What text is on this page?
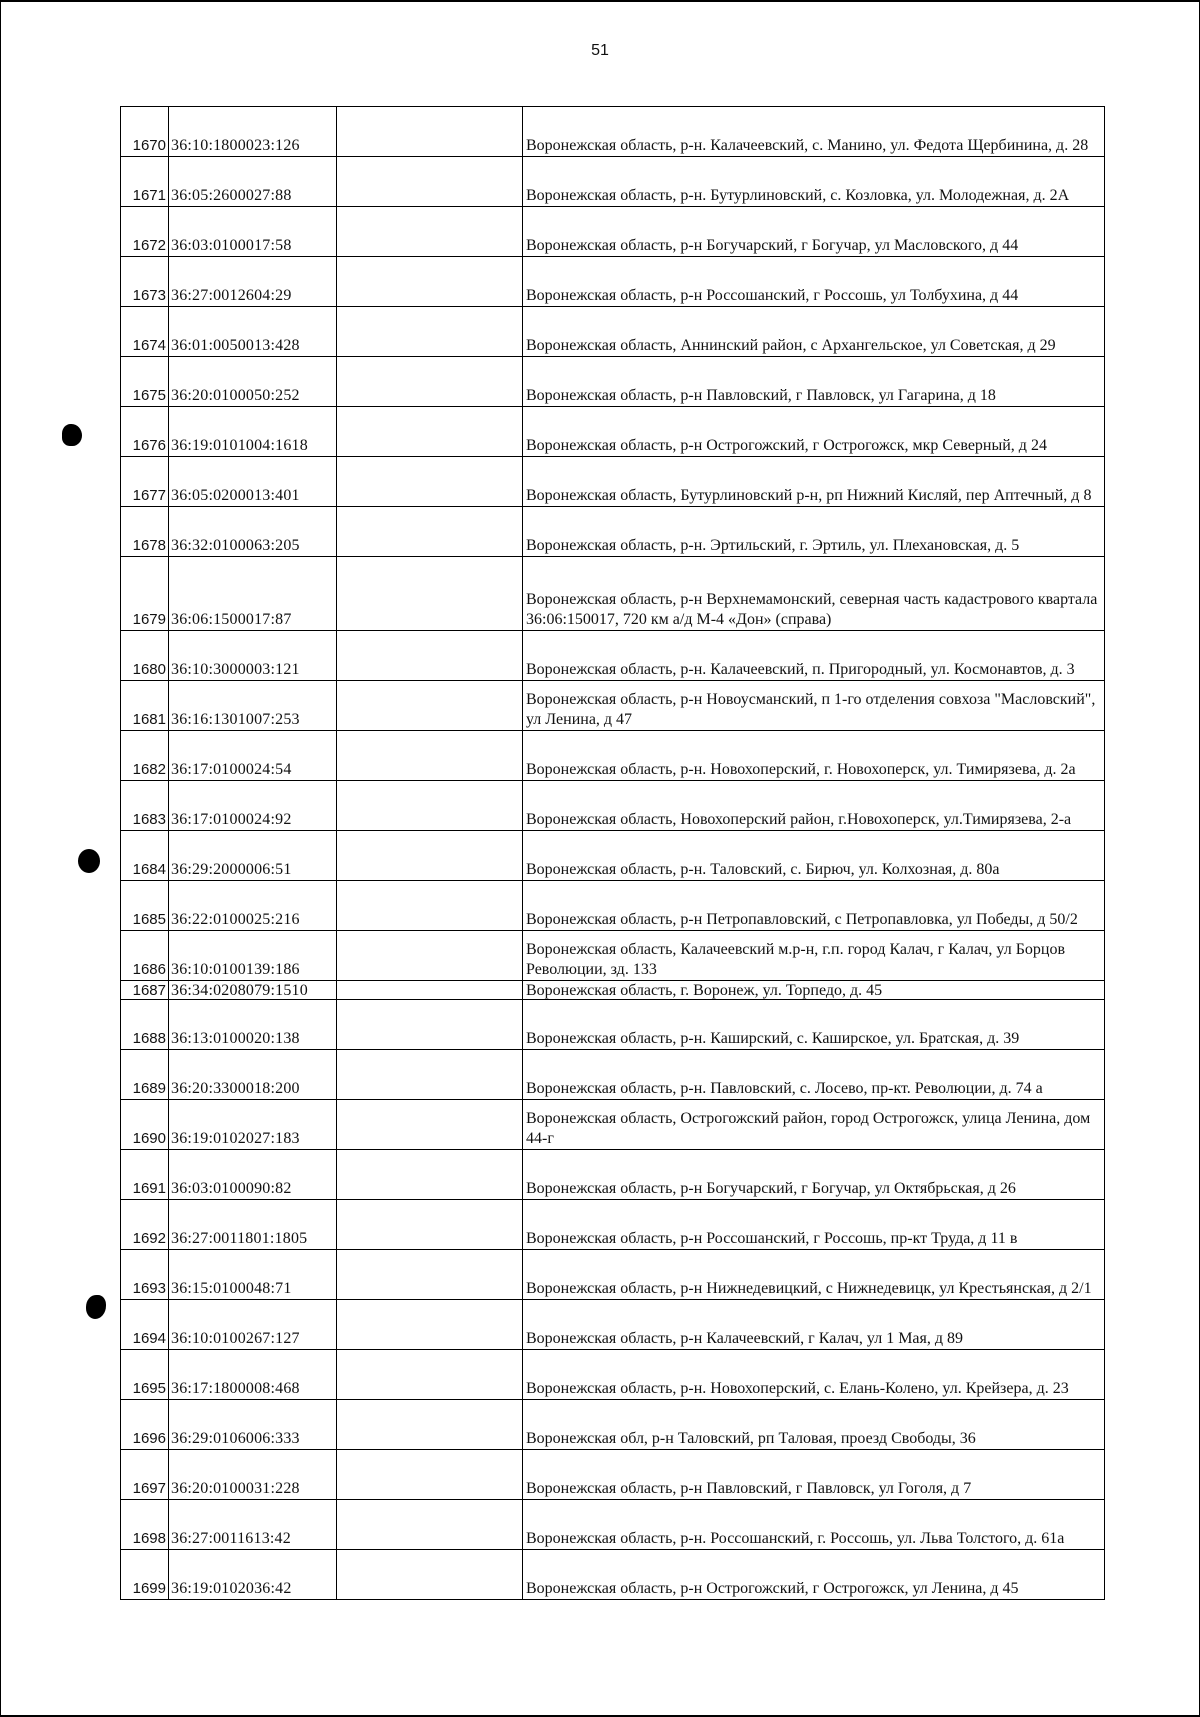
51
1670	36:10:1800023:126		Воронежская область, р-н. Калачеевский, с. Манино, ул. Федота Щербинина, д. 28
1671	36:05:2600027:88		Воронежская область, р-н. Бутурлиновский, с. Козловка, ул. Молодежная, д. 2А
1672	36:03:0100017:58		Воронежская область, р-н Богучарский, г Богучар, ул Масловского, д 44
1673	36:27:0012604:29		Воронежская область, р-н Россошанский, г Россошь, ул Толбухина, д 44
1674	36:01:0050013:428		Воронежская область, Аннинский район, с Архангельское, ул Советская, д 29
1675	36:20:0100050:252		Воронежская область, р-н Павловский, г Павловск, ул Гагарина, д 18
1676	36:19:0101004:1618		Воронежская область, р-н Острогожский, г Острогожск, мкр Северный, д 24
1677	36:05:0200013:401		Воронежская область, Бутурлиновский р-н, рп Нижний Кисляй, пер Аптечный, д 8
1678	36:32:0100063:205		Воронежская область, р-н. Эртильский, г. Эртиль, ул. Плехановская, д. 5
1679	36:06:1500017:87		Воронежская область, р-н Верхнемамонский, северная часть кадастрового квартала 36:06:150017, 720 км а/д М-4 «Дон» (справа)
1680	36:10:3000003:121		Воронежская область, р-н. Калачеевский, п. Пригородный, ул. Космонавтов, д. 3
1681	36:16:1301007:253		Воронежская область, р-н Новоусманский, п 1-го отделения совхоза "Масловский", ул Ленина, д 47
1682	36:17:0100024:54		Воронежская область, р-н. Новохоперский, г. Новохоперск, ул. Тимирязева, д. 2а
1683	36:17:0100024:92		Воронежская область, Новохоперский район, г.Новохоперск, ул.Тимирязева, 2-а
1684	36:29:2000006:51		Воронежская область, р-н. Таловский, с. Бирюч, ул. Колхозная, д. 80а
1685	36:22:0100025:216		Воронежская область, р-н Петропавловский, с Петропавловка, ул Победы, д 50/2
1686	36:10:0100139:186		Воронежская область, Калачеевский м.р-н, г.п. город Калач, г Калач, ул Борцов Революции, зд. 133
1687	36:34:0208079:1510		Воронежская область, г. Воронеж, ул. Торпедо, д. 45
1688	36:13:0100020:138		Воронежская область, р-н. Каширский, с. Каширское, ул. Братская, д. 39
1689	36:20:3300018:200		Воронежская область, р-н. Павловский, с. Лосево, пр-кт. Революции, д. 74 а
1690	36:19:0102027:183		Воронежская область, Острогожский район, город Острогожск, улица Ленина, дом 44-г
1691	36:03:0100090:82		Воронежская область, р-н Богучарский, г Богучар, ул Октябрьская, д 26
1692	36:27:0011801:1805		Воронежская область, р-н Россошанский, г Россошь, пр-кт Труда, д 11 в
1693	36:15:0100048:71		Воронежская область, р-н Нижнедевицкий, с Нижнедевицк, ул Крестьянская, д 2/1
1694	36:10:0100267:127		Воронежская область, р-н Калачеевский, г Калач, ул 1 Мая, д 89
1695	36:17:1800008:468		Воронежская область, р-н. Новохоперский, с. Елань-Колено, ул. Крейзера, д. 23
1696	36:29:0106006:333		Воронежская обл, р-н Таловский, рп Таловая, проезд Свободы, 36
1697	36:20:0100031:228		Воронежская область, р-н Павловский, г Павловск, ул Гоголя, д 7
1698	36:27:0011613:42		Воронежская область, р-н. Россошанский, г. Россошь, ул. Льва Толстого, д. 61а
1699	36:19:0102036:42		Воронежская область, р-н Острогожский, г Острогожск, ул Ленина, д 45
